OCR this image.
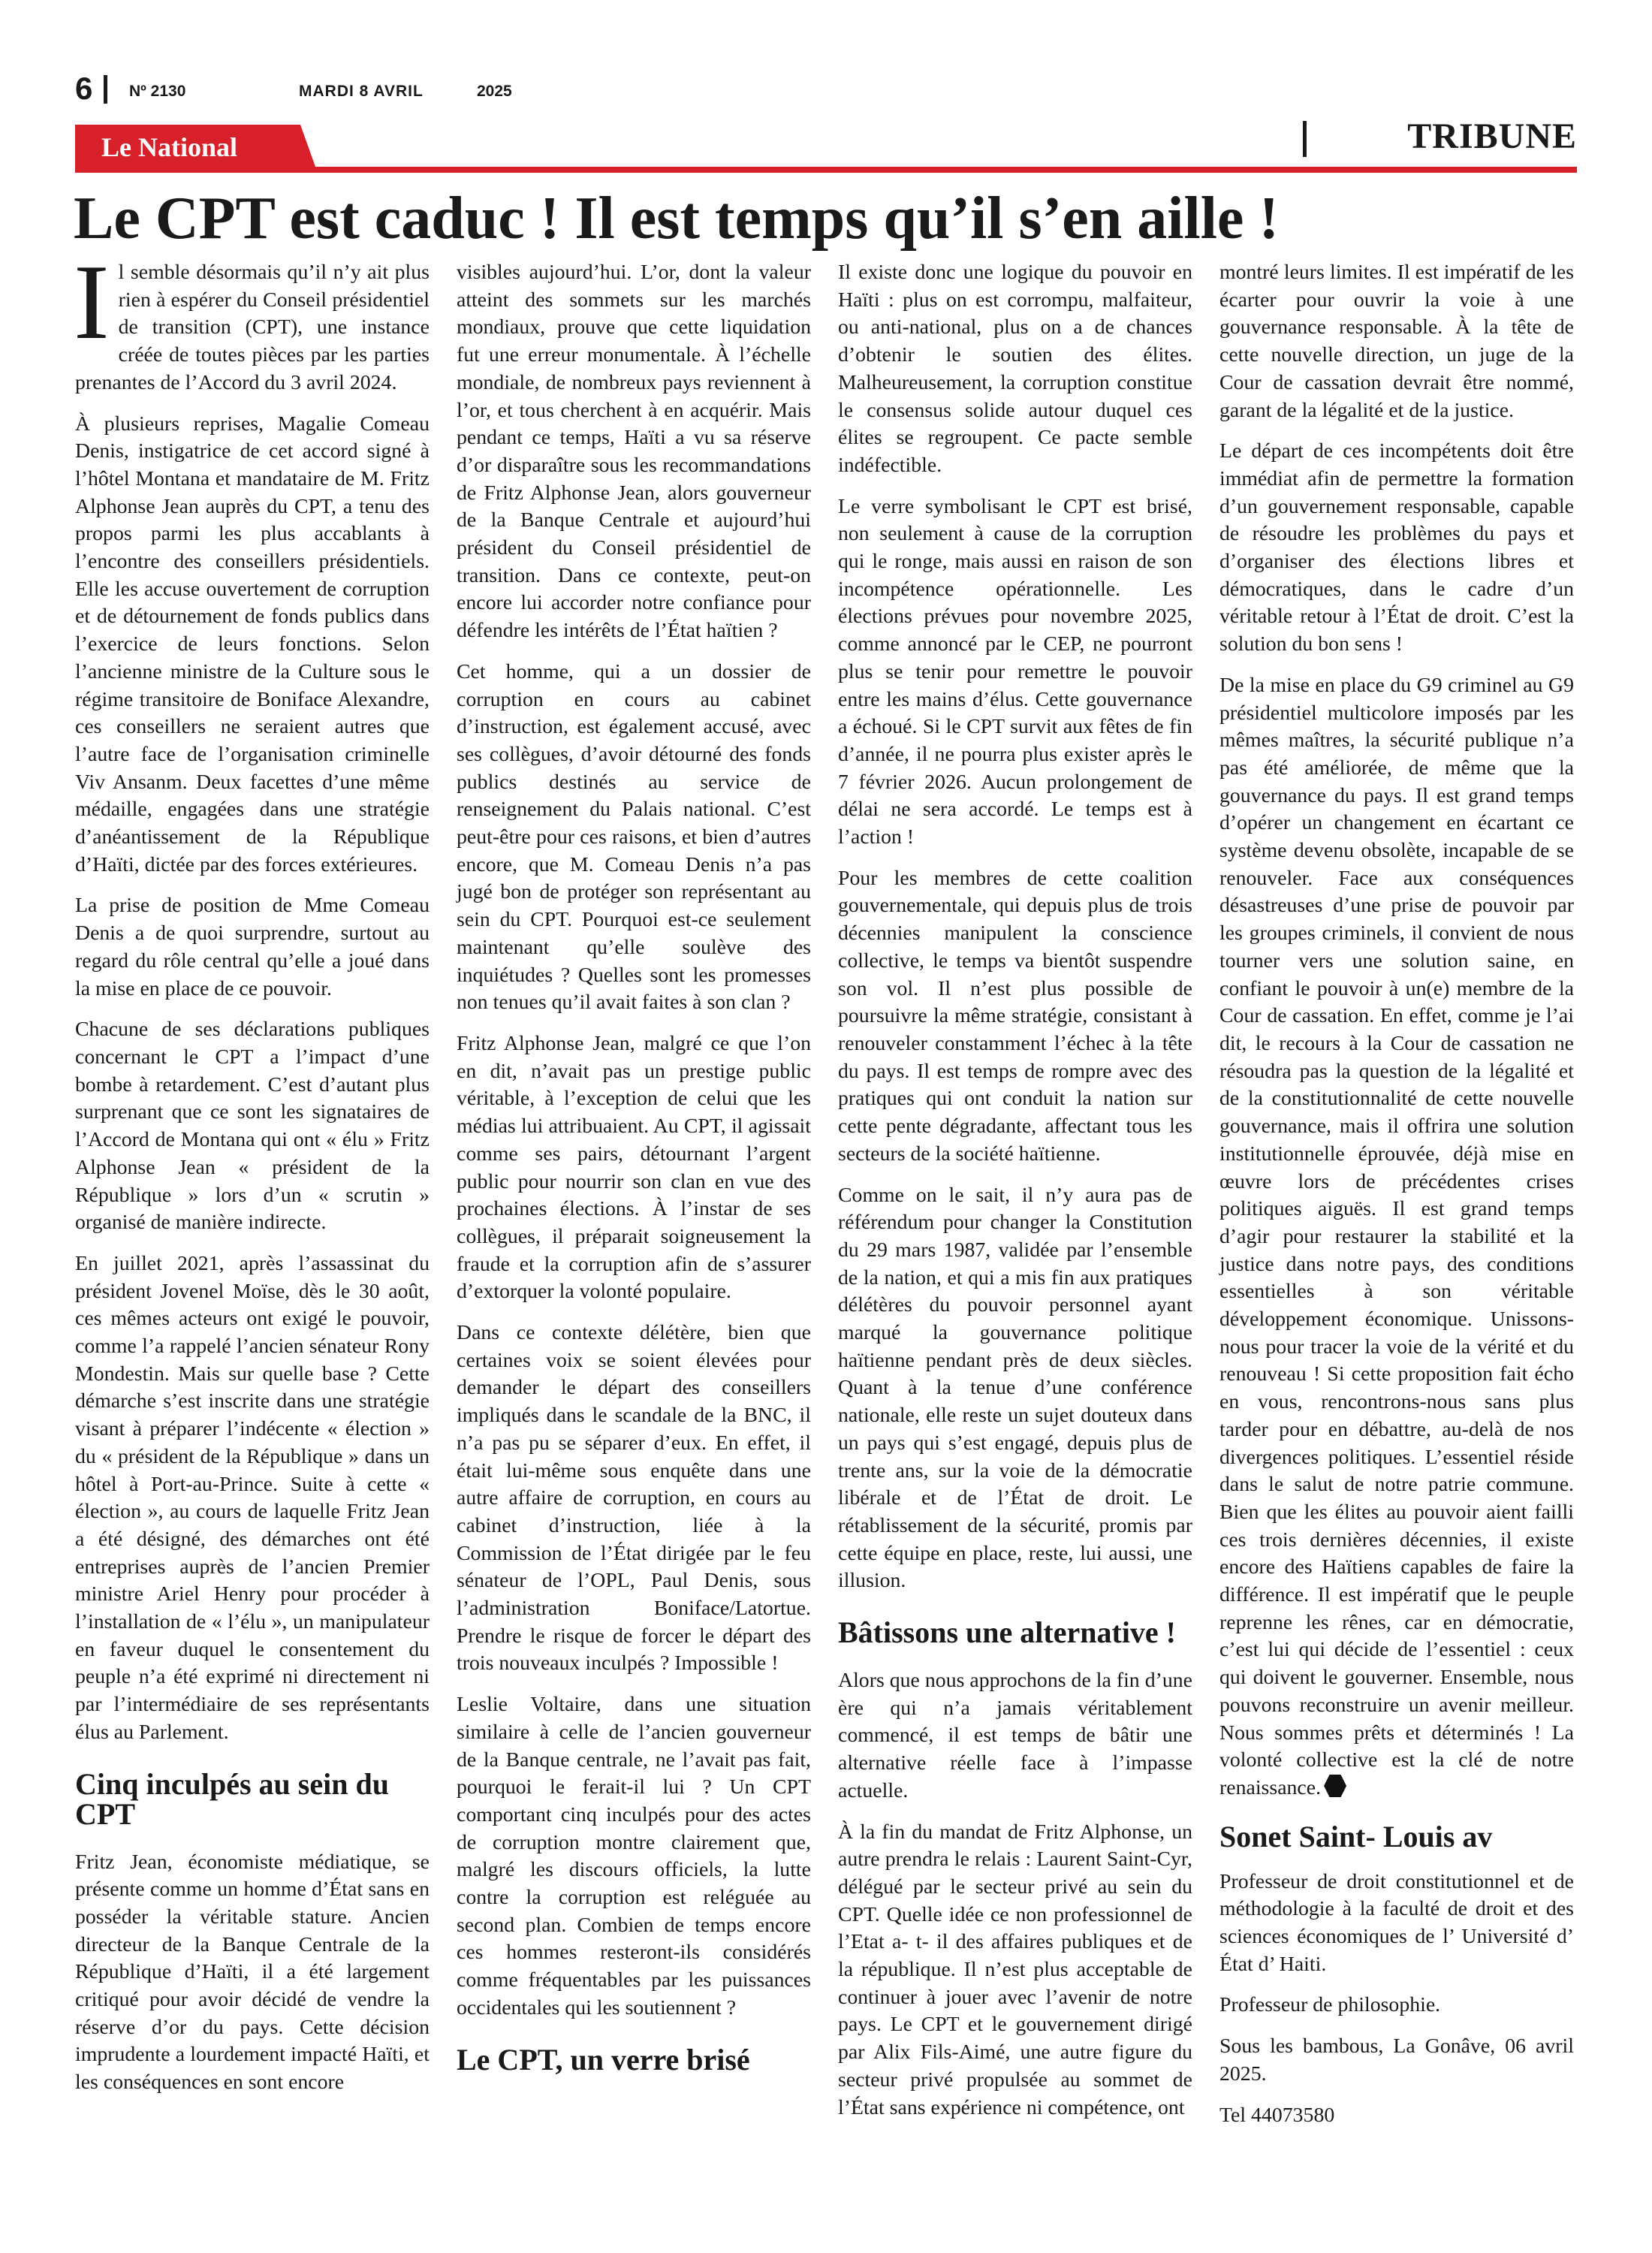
6 Nº 2130	MARDI 8 AVRIL	2025
Le National	TRIBUNE
Le CPT est caduc ! Il est temps qu’il s’en aille !

Il semble désormais qu’il n’y ait plus rien à espérer du Conseil présidentiel de transition (CPT), une instance créée de toutes pièces par les parties prenantes de l’Accord du 3 avril 2024.

À plusieurs reprises, Magalie Comeau Denis, instigatrice de cet accord signé à l’hôtel Montana et mandataire de M. Fritz Alphonse Jean auprès du CPT, a tenu des propos parmi les plus accablants à l’encontre des conseillers présidentiels. Elle les accuse ouvertement de corruption et de détournement de fonds publics dans l’exercice de leurs fonctions. Selon l’ancienne ministre de la Culture sous le régime transitoire de Boniface Alexandre, ces conseillers ne seraient autres que l’autre face de l’organisation criminelle Viv Ansanm. Deux facettes d’une même médaille, engagées dans une stratégie d’anéantissement de la République d’Haïti, dictée par des forces extérieures.

La prise de position de Mme Comeau Denis a de quoi surprendre, surtout au regard du rôle central qu’elle a joué dans la mise en place de ce pouvoir.

Chacune de ses déclarations publiques concernant le CPT a l’impact d’une bombe à retardement. C’est d’autant plus surprenant que ce sont les signataires de l’Accord de Montana qui ont « élu » Fritz Alphonse Jean « président de la République » lors d’un « scrutin » organisé de manière indirecte.

En juillet 2021, après l’assassinat du président Jovenel Moïse, dès le 30 août, ces mêmes acteurs ont exigé le pouvoir, comme l’a rappelé l’ancien sénateur Rony Mondestin. Mais sur quelle base ? Cette démarche s’est inscrite dans une stratégie visant à préparer l’indécente « élection » du « président de la République » dans un hôtel à Port-au-Prince. Suite à cette « élection », au cours de laquelle Fritz Jean a été désigné, des démarches ont été entreprises auprès de l’ancien Premier ministre Ariel Henry pour procéder à l’installation de « l’élu », un manipulateur en faveur duquel le consentement du peuple n’a été exprimé ni directement ni par l’intermédiaire de ses représentants élus au Parlement.

Cinq inculpés au sein du CPT

Fritz Jean, économiste médiatique, se présente comme un homme d’État sans en posséder la véritable stature. Ancien directeur de la Banque Centrale de la République d’Haïti, il a été largement critiqué pour avoir décidé de vendre la réserve d’or du pays. Cette décision imprudente a lourdement impacté Haïti, et les conséquences en sont encore

visibles aujourd’hui. L’or, dont la valeur atteint des sommets sur les marchés mondiaux, prouve que cette liquidation fut une erreur monumentale. À l’échelle mondiale, de nombreux pays reviennent à l’or, et tous cherchent à en acquérir. Mais pendant ce temps, Haïti a vu sa réserve d’or disparaître sous les recommandations de Fritz Alphonse Jean, alors gouverneur de la Banque Centrale et aujourd’hui président du Conseil présidentiel de transition. Dans ce contexte, peut-on encore lui accorder notre confiance pour défendre les intérêts de l’État haïtien ?

Cet homme, qui a un dossier de corruption en cours au cabinet d’instruction, est également accusé, avec ses collègues, d’avoir détourné des fonds publics destinés au service de renseignement du Palais national. C’est peut-être pour ces raisons, et bien d’autres encore, que M. Comeau Denis n’a pas jugé bon de protéger son représentant au sein du CPT. Pourquoi est-ce seulement maintenant qu’elle soulève des inquiétudes ? Quelles sont les promesses non tenues qu’il avait faites à son clan ?

Fritz Alphonse Jean, malgré ce que l’on en dit, n’avait pas un prestige public véritable, à l’exception de celui que les médias lui attribuaient. Au CPT, il agissait comme ses pairs, détournant l’argent public pour nourrir son clan en vue des prochaines élections. À l’instar de ses collègues, il préparait soigneusement la fraude et la corruption afin de s’assurer d’extorquer la volonté populaire.

Dans ce contexte délétère, bien que certaines voix se soient élevées pour demander le départ des conseillers impliqués dans le scandale de la BNC, il n’a pas pu se séparer d’eux. En effet, il était lui-même sous enquête dans une autre affaire de corruption, en cours au cabinet d’instruction, liée à la Commission de l’État dirigée par le feu sénateur de l’OPL, Paul Denis, sous l’administration Boniface/Latortue. Prendre le risque de forcer le départ des trois nouveaux inculpés ? Impossible !

Leslie Voltaire, dans une situation similaire à celle de l’ancien gouverneur de la Banque centrale, ne l’avait pas fait, pourquoi le ferait-il lui ? Un CPT comportant cinq inculpés pour des actes de corruption montre clairement que, malgré les discours officiels, la lutte contre la corruption est reléguée au second plan. Combien de temps encore ces hommes resteront-ils considérés comme fréquentables par les puissances occidentales qui les soutiennent ?

Le CPT, un verre brisé

Il existe donc une logique du pouvoir en Haïti : plus on est corrompu, malfaiteur, ou anti-national, plus on a de chances d’obtenir le soutien des élites. Malheureusement, la corruption constitue le consensus solide autour duquel ces élites se regroupent. Ce pacte semble indéfectible.

Le verre symbolisant le CPT est brisé, non seulement à cause de la corruption qui le ronge, mais aussi en raison de son incompétence opérationnelle. Les élections prévues pour novembre 2025, comme annoncé par le CEP, ne pourront plus se tenir pour remettre le pouvoir entre les mains d’élus. Cette gouvernance a échoué. Si le CPT survit aux fêtes de fin d’année, il ne pourra plus exister après le 7 février 2026. Aucun prolongement de délai ne sera accordé. Le temps est à l’action !

Pour les membres de cette coalition gouvernementale, qui depuis plus de trois décennies manipulent la conscience collective, le temps va bientôt suspendre son vol. Il n’est plus possible de poursuivre la même stratégie, consistant à renouveler constamment l’échec à la tête du pays. Il est temps de rompre avec des pratiques qui ont conduit la nation sur cette pente dégradante, affectant tous les secteurs de la société haïtienne.

Comme on le sait, il n’y aura pas de référendum pour changer la Constitution du 29 mars 1987, validée par l’ensemble de la nation, et qui a mis fin aux pratiques délétères du pouvoir personnel ayant marqué la gouvernance politique haïtienne pendant près de deux siècles. Quant à la tenue d’une conférence nationale, elle reste un sujet douteux dans un pays qui s’est engagé, depuis plus de trente ans, sur la voie de la démocratie libérale et de l’État de droit. Le rétablissement de la sécurité, promis par cette équipe en place, reste, lui aussi, une illusion.

Bâtissons une alternative !

Alors que nous approchons de la fin d’une ère qui n’a jamais véritablement commencé, il est temps de bâtir une alternative réelle face à l’impasse actuelle.

À la fin du mandat de Fritz Alphonse, un autre prendra le relais : Laurent Saint-Cyr, délégué par le secteur privé au sein du CPT. Quelle idée ce non professionnel de l’Etat a- t- il des affaires publiques et de la république. Il n’est plus acceptable de continuer à jouer avec l’avenir de notre pays. Le CPT et le gouvernement dirigé par Alix Fils-Aimé, une autre figure du secteur privé propulsée au sommet de l’État sans expérience ni compétence, ont

montré leurs limites. Il est impératif de les écarter pour ouvrir la voie à une gouvernance responsable. À la tête de cette nouvelle direction, un juge de la Cour de cassation devrait être nommé, garant de la légalité et de la justice.

Le départ de ces incompétents doit être immédiat afin de permettre la formation d’un gouvernement responsable, capable de résoudre les problèmes du pays et d’organiser des élections libres et démocratiques, dans le cadre d’un véritable retour à l’État de droit. C’est la solution du bon sens !

De la mise en place du G9 criminel au G9 présidentiel multicolore imposés par les mêmes maîtres, la sécurité publique n’a pas été améliorée, de même que la gouvernance du pays. Il est grand temps d’opérer un changement en écartant ce système devenu obsolète, incapable de se renouveler. Face aux conséquences désastreuses d’une prise de pouvoir par les groupes criminels, il convient de nous tourner vers une solution saine, en confiant le pouvoir à un(e) membre de la Cour de cassation. En effet, comme je l’ai dit, le recours à la Cour de cassation ne résoudra pas la question de la légalité et de la constitutionnalité de cette nouvelle gouvernance, mais il offrira une solution institutionnelle éprouvée, déjà mise en œuvre lors de précédentes crises politiques aiguës. Il est grand temps d’agir pour restaurer la stabilité et la justice dans notre pays, des conditions essentielles à son véritable développement économique. Unissons-nous pour tracer la voie de la vérité et du renouveau ! Si cette proposition fait écho en vous, rencontrons-nous sans plus tarder pour en débattre, au-delà de nos divergences politiques. L’essentiel réside dans le salut de notre patrie commune. Bien que les élites au pouvoir aient failli ces trois dernières décennies, il existe encore des Haïtiens capables de faire la différence. Il est impératif que le peuple reprenne les rênes, car en démocratie, c’est lui qui décide de l’essentiel : ceux qui doivent le gouverner. Ensemble, nous pouvons reconstruire un avenir meilleur. Nous sommes prêts et déterminés ! La volonté collective est la clé de notre renaissance.

Sonet Saint- Louis av

Professeur de droit constitutionnel et de méthodologie à la faculté de droit et des sciences économiques de l’ Université d’ État d’ Haiti.

Professeur de philosophie.

Sous les bambous, La Gonâve, 06 avril 2025.

Tel 44073580
